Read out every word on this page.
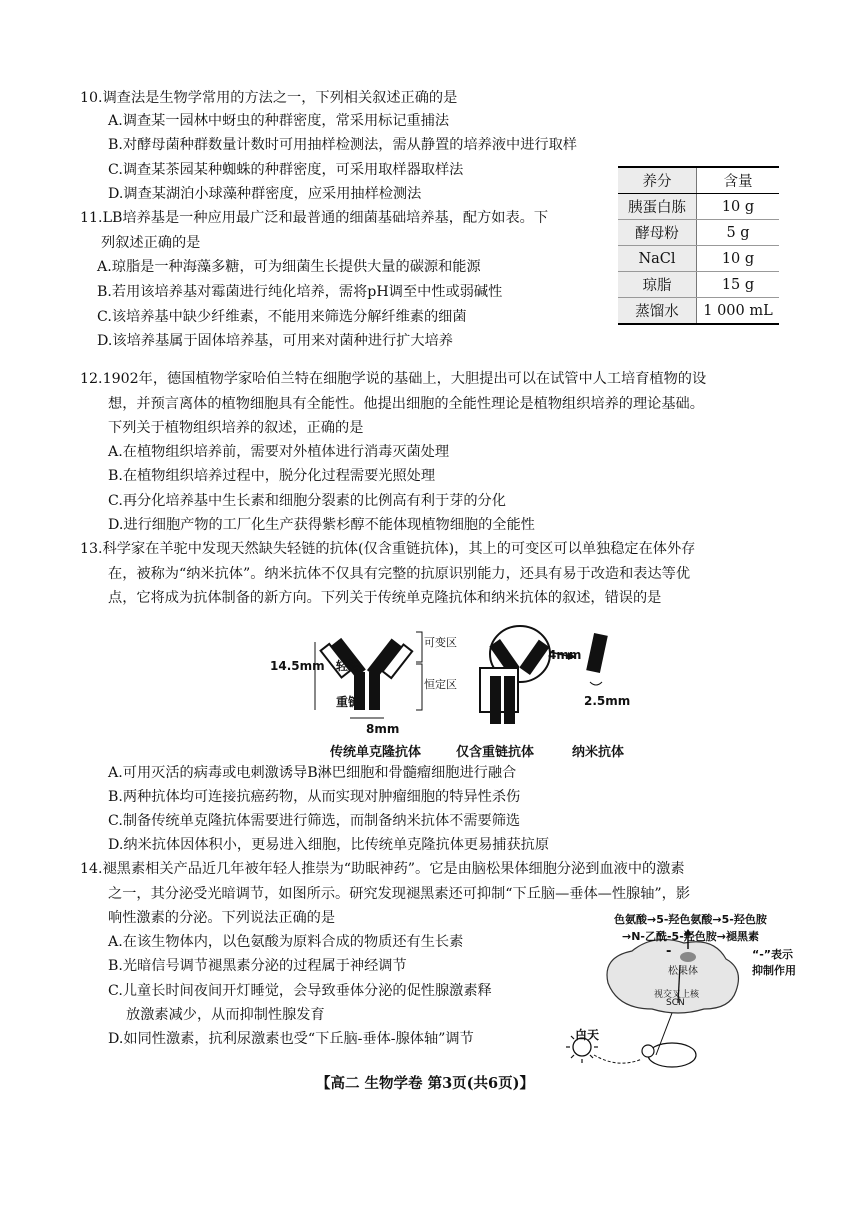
10.调查法是生物学常用的方法之一，下列相关叙述正确的是
A.调查某一园林中蚜虫的种群密度，常采用标记重捕法
B.对酵母菌种群数量计数时可用抽样检测法，需从静置的培养液中进行取样
C.调查某茶园某种蜘蛛的种群密度，可采用取样器取样法
D.调查某湖泊小球藻种群密度，应采用抽样检测法
养分	含量
胰蛋白胨	10 g
酵母粉	5 g
NaCl	10 g
琼脂	15 g
蒸馏水	1 000 mL
11.LB培养基是一种应用最广泛和最普通的细菌基础培养基，配方如表。下
列叙述正确的是
A.琼脂是一种海藻多糖，可为细菌生长提供大量的碳源和能源
B.若用该培养基对霉菌进行纯化培养，需将pH调至中性或弱碱性
C.该培养基中缺少纤维素，不能用来筛选分解纤维素的细菌
D.该培养基属于固体培养基，可用来对菌种进行扩大培养
12.1902年，德国植物学家哈伯兰特在细胞学说的基础上，大胆提出可以在试管中人工培育植物的设
想，并预言离体的植物细胞具有全能性。他提出细胞的全能性理论是植物组织培养的理论基础。
下列关于植物组织培养的叙述，正确的是
A.在植物组织培养前，需要对外植体进行消毒灭菌处理
B.在植物组织培养过程中，脱分化过程需要光照处理
C.再分化培养基中生长素和细胞分裂素的比例高有利于芽的分化
D.进行细胞产物的工厂化生产获得紫杉醇不能体现植物细胞的全能性
13.科学家在羊驼中发现天然缺失轻链的抗体(仅含重链抗体)，其上的可变区可以单独稳定在体外存
在，被称为“纳米抗体”。纳米抗体不仅具有完整的抗原识别能力，还具有易于改造和表达等优
点，它将成为抗体制备的新方向。下列关于传统单克隆抗体和纳米抗体的叙述，错误的是
14.5mm 轻链
重链
可变区
恒定区
8mm
4mm
2.5mm
传统单克隆抗体	仅含重链抗体	纳米抗体
A.可用灭活的病毒或电刺激诱导B淋巴细胞和骨髓瘤细胞进行融合
B.两种抗体均可连接抗癌药物，从而实现对肿瘤细胞的特异性杀伤
C.制备传统单克隆抗体需要进行筛选，而制备纳米抗体不需要筛选
D.纳米抗体因体积小，更易进入细胞，比传统单克隆抗体更易捕获抗原
14.褪黑素相关产品近几年被年轻人推崇为“助眠神药”。它是由脑松果体细胞分泌到血液中的激素
之一，其分泌受光暗调节，如图所示。研究发现褪黑素还可抑制“下丘脑—垂体—性腺轴”，影
响性激素的分泌。下列说法正确的是
A.在该生物体内，以色氨酸为原料合成的物质还有生长素
B.光暗信号调节褪黑素分泌的过程属于神经调节
C.儿童长时间夜间开灯睡觉，会导致垂体分泌的促性腺激素释
放激素减少，从而抑制性腺发育
D.如同性激素，抗利尿激素也受“下丘脑-垂体-腺体轴”调节
色氨酸→5-羟色氨酸→5-羟色胺
→N-乙酰-5-羟色胺→褪黑素
-	“-”表示
抑制作用
松果体
视交叉上核
SCN
白天
【高二 生物学卷 第3页(共6页)】
